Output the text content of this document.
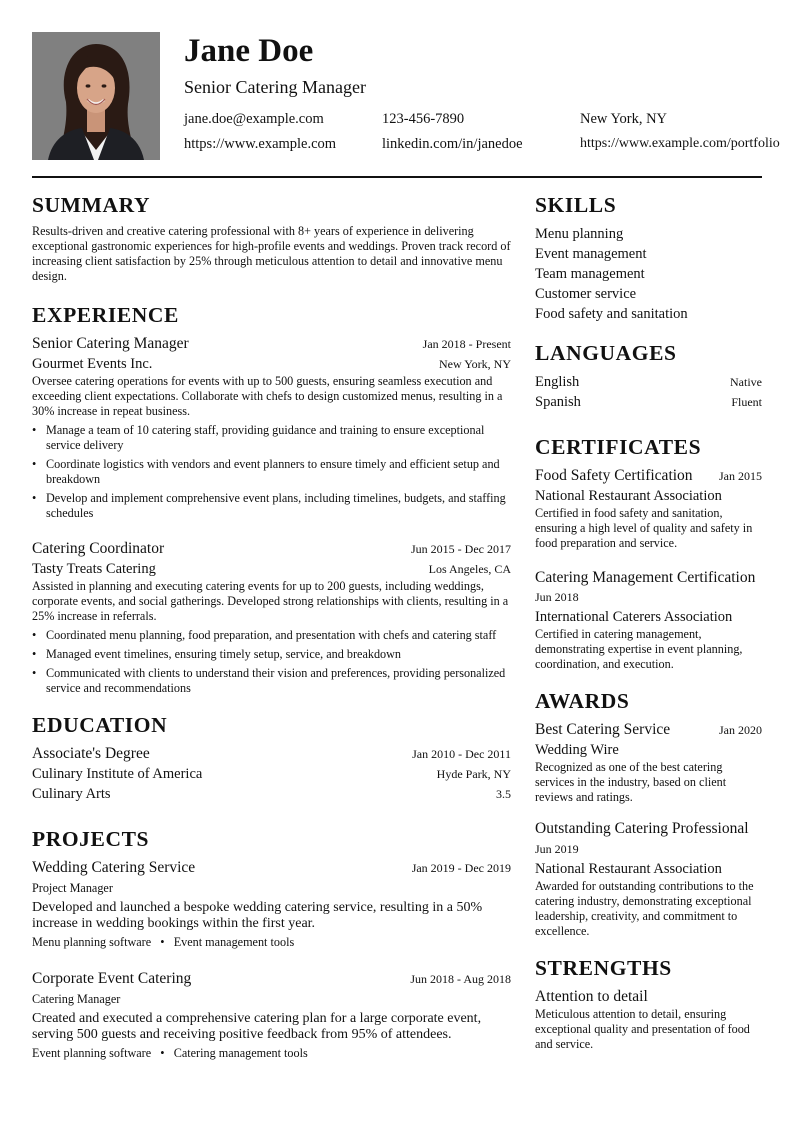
Jane Doe
Senior Catering Manager
jane.doe@example.com	123-456-7890	New York, NY
https://www.example.com	linkedin.com/in/janedoe	https://www.example.com/portfolio
SUMMARY
Results-driven and creative catering professional with 8+ years of experience in delivering exceptional gastronomic experiences for high-profile events and weddings. Proven track record of increasing client satisfaction by 25% through meticulous attention to detail and innovative menu design.
EXPERIENCE
Senior Catering Manager	Jan 2018 - Present
Gourmet Events Inc.	New York, NY
Oversee catering operations for events with up to 500 guests, ensuring seamless execution and exceeding client expectations. Collaborate with chefs to design customized menus, resulting in a 30% increase in repeat business.
• Manage a team of 10 catering staff, providing guidance and training to ensure exceptional service delivery
• Coordinate logistics with vendors and event planners to ensure timely and efficient setup and breakdown
• Develop and implement comprehensive event plans, including timelines, budgets, and staffing schedules
Catering Coordinator	Jun 2015 - Dec 2017
Tasty Treats Catering	Los Angeles, CA
Assisted in planning and executing catering events for up to 200 guests, including weddings, corporate events, and social gatherings. Developed strong relationships with clients, resulting in a 25% increase in referrals.
• Coordinated menu planning, food preparation, and presentation with chefs and catering staff
• Managed event timelines, ensuring timely setup, service, and breakdown
• Communicated with clients to understand their vision and preferences, providing personalized service and recommendations
EDUCATION
Associate's Degree	Jan 2010 - Dec 2011
Culinary Institute of America	Hyde Park, NY
Culinary Arts	3.5
PROJECTS
Wedding Catering Service	Jan 2019 - Dec 2019
Project Manager
Developed and launched a bespoke wedding catering service, resulting in a 50% increase in wedding bookings within the first year.
Menu planning software   •   Event management tools
Corporate Event Catering	Jun 2018 - Aug 2018
Catering Manager
Created and executed a comprehensive catering plan for a large corporate event, serving 500 guests and receiving positive feedback from 95% of attendees.
Event planning software   •   Catering management tools
SKILLS
Menu planning
Event management
Team management
Customer service
Food safety and sanitation
LANGUAGES
English	Native
Spanish	Fluent
CERTIFICATES
Food Safety Certification Jan 2015
National Restaurant Association
Certified in food safety and sanitation, ensuring a high level of quality and safety in food preparation and service.
Catering Management Certification
Jun 2018
International Caterers Association
Certified in catering management, demonstrating expertise in event planning, coordination, and execution.
AWARDS
Best Catering Service	Jan 2020
Wedding Wire
Recognized as one of the best catering services in the industry, based on client reviews and ratings.
Outstanding Catering Professional
Jun 2019
National Restaurant Association
Awarded for outstanding contributions to the catering industry, demonstrating exceptional leadership, creativity, and commitment to excellence.
STRENGTHS
Attention to detail
Meticulous attention to detail, ensuring exceptional quality and presentation of food and service.
